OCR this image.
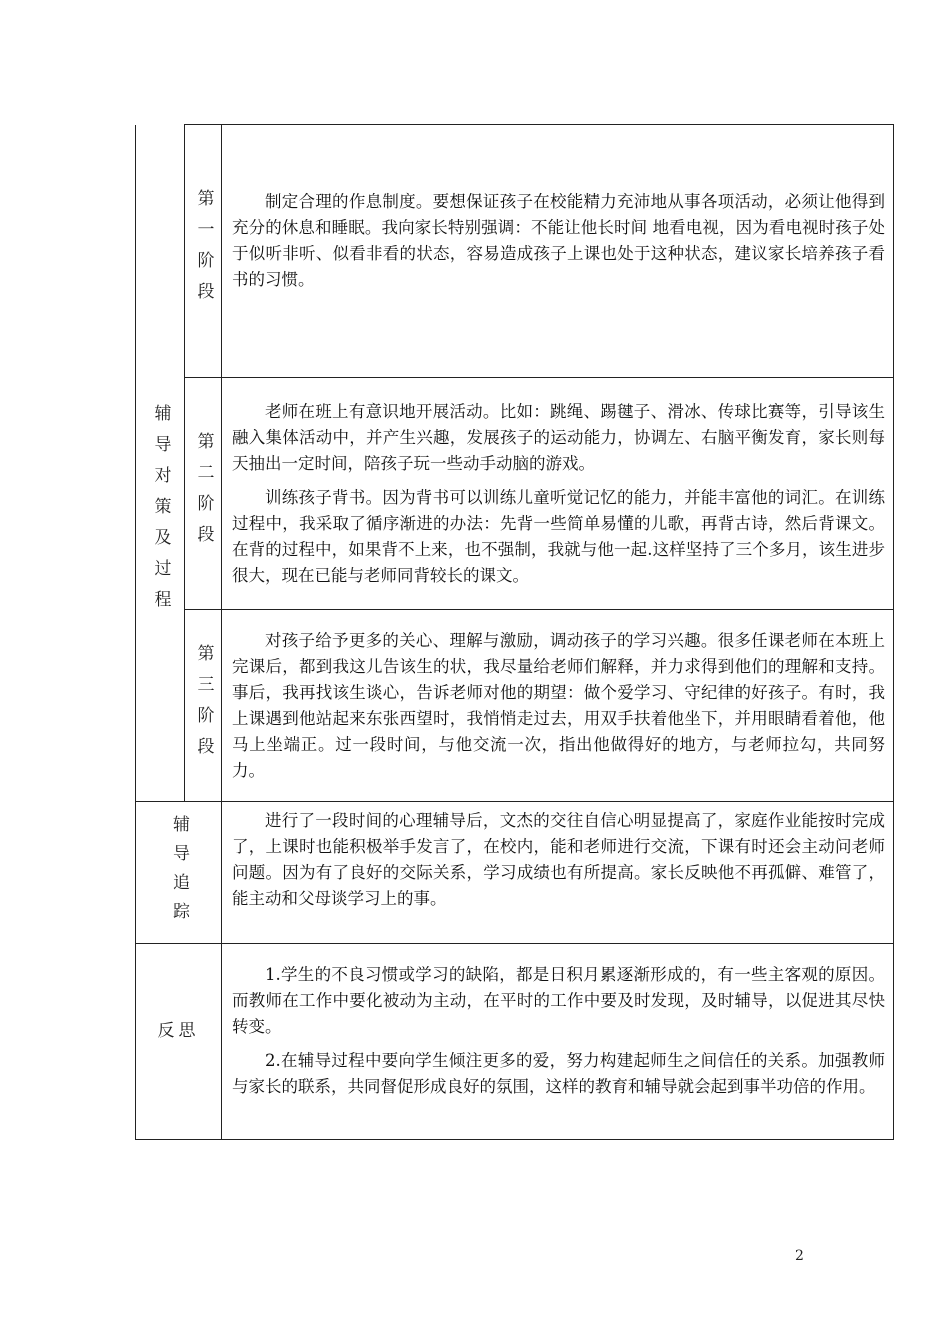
辅导对策及过程	第一阶段	制定合理的作息制度。要想保证孩子在校能精力充沛地从事各项活动，必须让他得到充分的休息和睡眠。我向家长特别强调：不能让他长时间 地看电视，因为看电视时孩子处于似听非听、似看非看的状态，容易造成孩子上课也处于这种状态，建议家长培养孩子看书的习惯。

	第二阶段	老师在班上有意识地开展活动。比如：跳绳、踢毽子、滑冰、传球比赛等，引导该生融入集体活动中，并产生兴趣，发展孩子的运动能力，协调左、右脑平衡发育，家长则每天抽出一定时间，陪孩子玩一些动手动脑的游戏。

训练孩子背书。因为背书可以训练儿童听觉记忆的能力，并能丰富他的词汇。在训练过程中，我采取了循序渐进的办法：先背一些简单易懂的儿歌，再背古诗，然后背课文。在背的过程中，如果背不上来，也不强制，我就与他一起.这样坚持了三个多月，该生进步很大，现在已能与老师同背较长的课文。

	第三阶段	对孩子给予更多的关心、理解与激励，调动孩子的学习兴趣。很多任课老师在本班上完课后，都到我这儿告该生的状，我尽量给老师们解释，并力求得到他们的理解和支持。事后，我再找该生谈心，告诉老师对他的期望：做个爱学习、守纪律的好孩子。有时，我上课遇到他站起来东张西望时，我悄悄走过去，用双手扶着他坐下，并用眼睛看着他，他马上坐端正。过一段时间，与他交流一次，指出他做得好的地方，与老师拉勾，共同努力。

辅导追踪		进行了一段时间的心理辅导后，文杰的交往自信心明显提高了，家庭作业能按时完成了，上课时也能积极举手发言了，在校内，能和老师进行交流，下课有时还会主动问老师问题。因为有了良好的交际关系，学习成绩也有所提高。家长反映他不再孤僻、难管了，能主动和父母谈学习上的事。

反思		1.学生的不良习惯或学习的缺陷，都是日积月累逐渐形成的，有一些主客观的原因。而教师在工作中要化被动为主动，在平时的工作中要及时发现，及时辅导，以促进其尽快转变。

2.在辅导过程中要向学生倾注更多的爱，努力构建起师生之间信任的关系。加强教师与家长的联系，共同督促形成良好的氛围，这样的教育和辅导就会起到事半功倍的作用。

2
